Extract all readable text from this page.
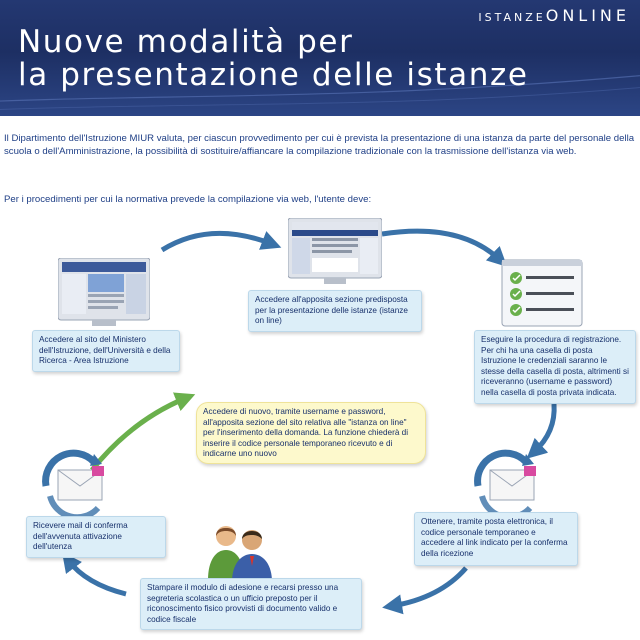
ISTANZEONLINE
Nuove modalità per
la presentazione delle istanze
Il Dipartimento dell'Istruzione MIUR valuta, per ciascun provvedimento per cui è prevista la presentazione di una istanza da parte del personale della scuola o dell'Amministrazione, la possibilità di sostituire/affiancare la compilazione tradizionale con la trasmissione dell'istanza via web.
Per i procedimenti per cui la normativa prevede la compilazione via web, l'utente deve:
Accedere al sito del Ministero dell'Istruzione, dell'Università e della Ricerca - Area Istruzione
Accedere all'apposita sezione predisposta per la presentazione delle istanze (istanze on line)
Eseguire la procedura di registrazione. Per chi ha una casella di posta Istruzione le credenziali saranno le stesse della casella di posta, altrimenti si riceveranno (username e password) nella casella di posta privata indicata.
Ottenere, tramite posta elettronica, il codice personale temporaneo e accedere al link indicato per la conferma della ricezione
Stampare il modulo di adesione e recarsi presso una segreteria scolastica o un ufficio preposto per il riconoscimento fisico provvisti di documento valido e codice fiscale
Ricevere mail di conferma dell'avvenuta attivazione dell'utenza
Accedere di nuovo, tramite username e password, all'apposita sezione del sito relativa alle "istanza on line" per l'inserimento della domanda. La funzione chiederà di inserire il codice personale temporaneo ricevuto e di indicarne uno nuovo
